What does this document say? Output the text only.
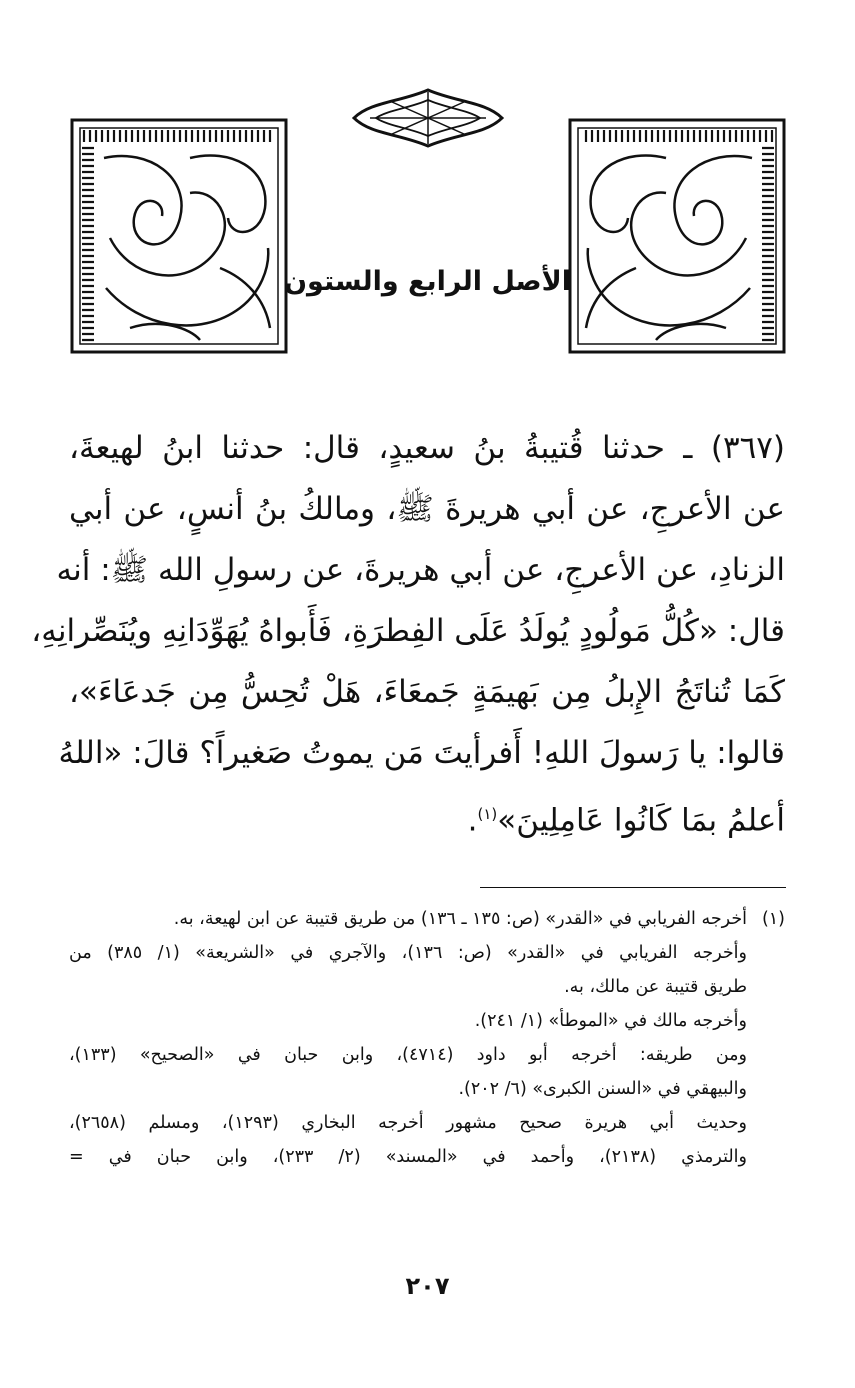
الأصل الرابع والستون
(٣٦٧) ـ حدثنا قُتيبةُ بنُ سعيدٍ، قال: حدثنا ابنُ لهيعةَ،
عن الأعرجِ، عن أبي هريرةَ ﷺ، ومالكُ بنُ أنسٍ، عن أبي
الزنادِ، عن الأعرجِ، عن أبي هريرةَ، عن رسولِ الله ﷺ: أنه
قال: «كُلُّ مَولُودٍ يُولَدُ عَلَى الفِطرَةِ، فَأَبواهُ يُهَوِّدَانِهِ ويُنَصِّرانِهِ،
كَمَا تُناتَجُ الإِبلُ مِن بَهيمَةٍ جَمعَاءَ، هَلْ تُحِسُّ مِن جَدعَاءَ»،
قالوا: يا رَسولَ اللهِ! أَفرأيتَ مَن يموتُ صَغيراً؟ قالَ: «اللهُ
أعلمُ بمَا كَانُوا عَامِلِينَ»$^{(١)}$.
(١)أخرجه الفريابي في «القدر» (ص: ١٣٥ ـ ١٣٦) من طريق قتيبة عن ابن لهيعة، به.
وأخرجه الفريابي في «القدر» (ص: ١٣٦)، والآجري في «الشريعة» (١/ ٣٨٥) من
طريق قتيبة عن مالك، به.
وأخرجه مالك في «الموطأ» (١/ ٢٤١).
ومن طريقه: أخرجه أبو داود (٤٧١٤)، وابن حبان في «الصحيح» (١٣٣)،
والبيهقي في «السنن الكبرى» (٦/ ٢٠٢).
وحديث أبي هريرة صحيح مشهور أخرجه البخاري (١٢٩٣)، ومسلم (٢٦٥٨)،
والترمذي (٢١٣٨)، وأحمد في «المسند» (٢/ ٢٣٣)، وابن حبان في =
٢٠٧
